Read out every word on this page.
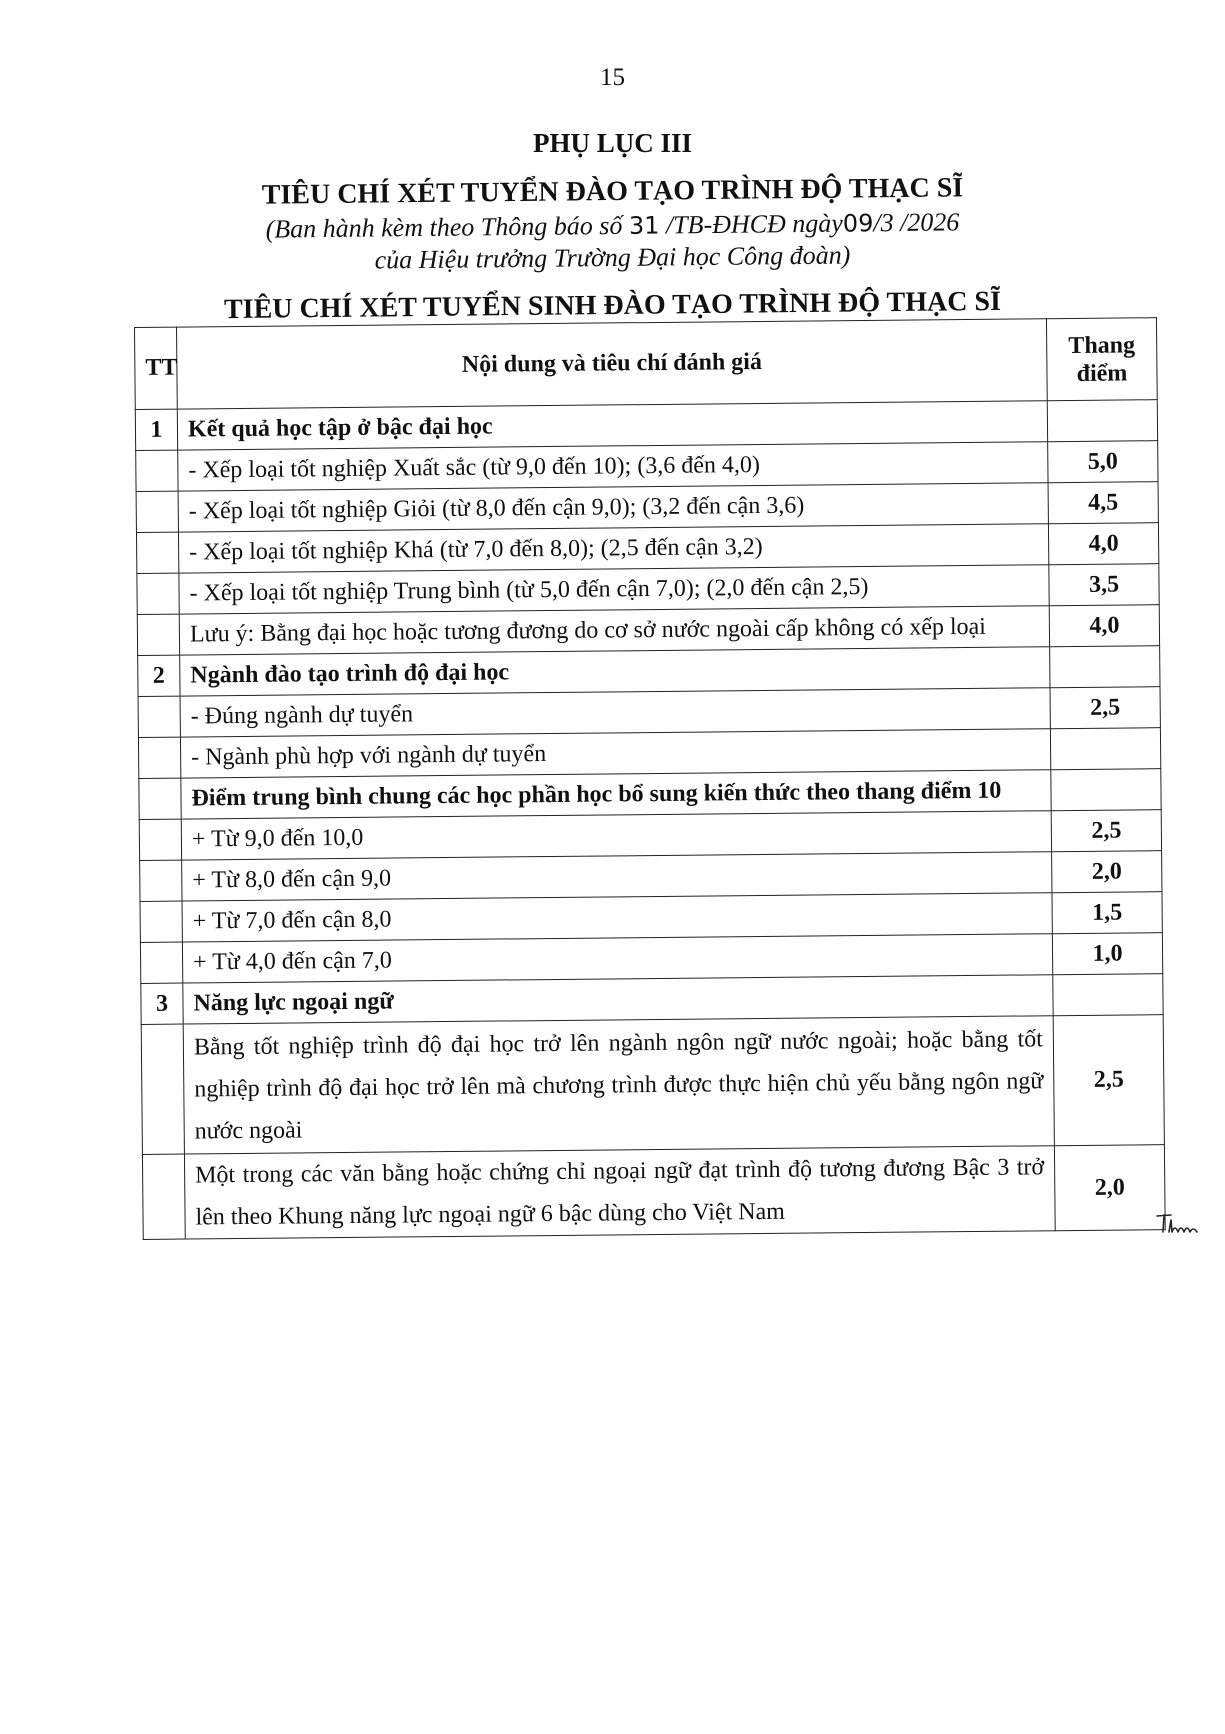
15
PHỤ LỤC III
TIÊU CHÍ XÉT TUYỂN ĐÀO TẠO TRÌNH ĐỘ THẠC SĨ
(Ban hành kèm theo Thông báo số 31 /TB-ĐHCĐ ngày09/3 /2026
của Hiệu trưởng Trường Đại học Công đoàn)
TIÊU CHÍ XÉT TUYỂN SINH ĐÀO TẠO TRÌNH ĐỘ THẠC SĨ
TT	Nội dung và tiêu chí đánh giá	Thang điểm
1	Kết quả học tập ở bậc đại học	
	- Xếp loại tốt nghiệp Xuất sắc (từ 9,0 đến 10); (3,6 đến 4,0)	5,0
	- Xếp loại tốt nghiệp Giỏi (từ 8,0 đến cận 9,0); (3,2 đến cận 3,6)	4,5
	- Xếp loại tốt nghiệp Khá (từ 7,0 đến 8,0); (2,5 đến cận 3,2)	4,0
	- Xếp loại tốt nghiệp Trung bình (từ 5,0 đến cận 7,0); (2,0 đến cận 2,5)	3,5
	Lưu ý: Bằng đại học hoặc tương đương do cơ sở nước ngoài cấp không có xếp loại	4,0
2	Ngành đào tạo trình độ đại học	
	- Đúng ngành dự tuyển	2,5
	- Ngành phù hợp với ngành dự tuyển	
	Điểm trung bình chung các học phần học bổ sung kiến thức theo thang điểm 10	
	+ Từ 9,0 đến 10,0	2,5
	+ Từ 8,0 đến cận 9,0	2,0
	+ Từ 7,0 đến cận 8,0	1,5
	+ Từ 4,0 đến cận 7,0	1,0
3	Năng lực ngoại ngữ	
	Bằng tốt nghiệp trình độ đại học trở lên ngành ngôn ngữ nước ngoài; hoặc bằng tốt nghiệp trình độ đại học trở lên mà chương trình được thực hiện chủ yếu bằng ngôn ngữ nước ngoài	2,5
	Một trong các văn bằng hoặc chứng chỉ ngoại ngữ đạt trình độ tương đương Bậc 3 trở lên theo Khung năng lực ngoại ngữ 6 bậc dùng cho Việt Nam	2,0
